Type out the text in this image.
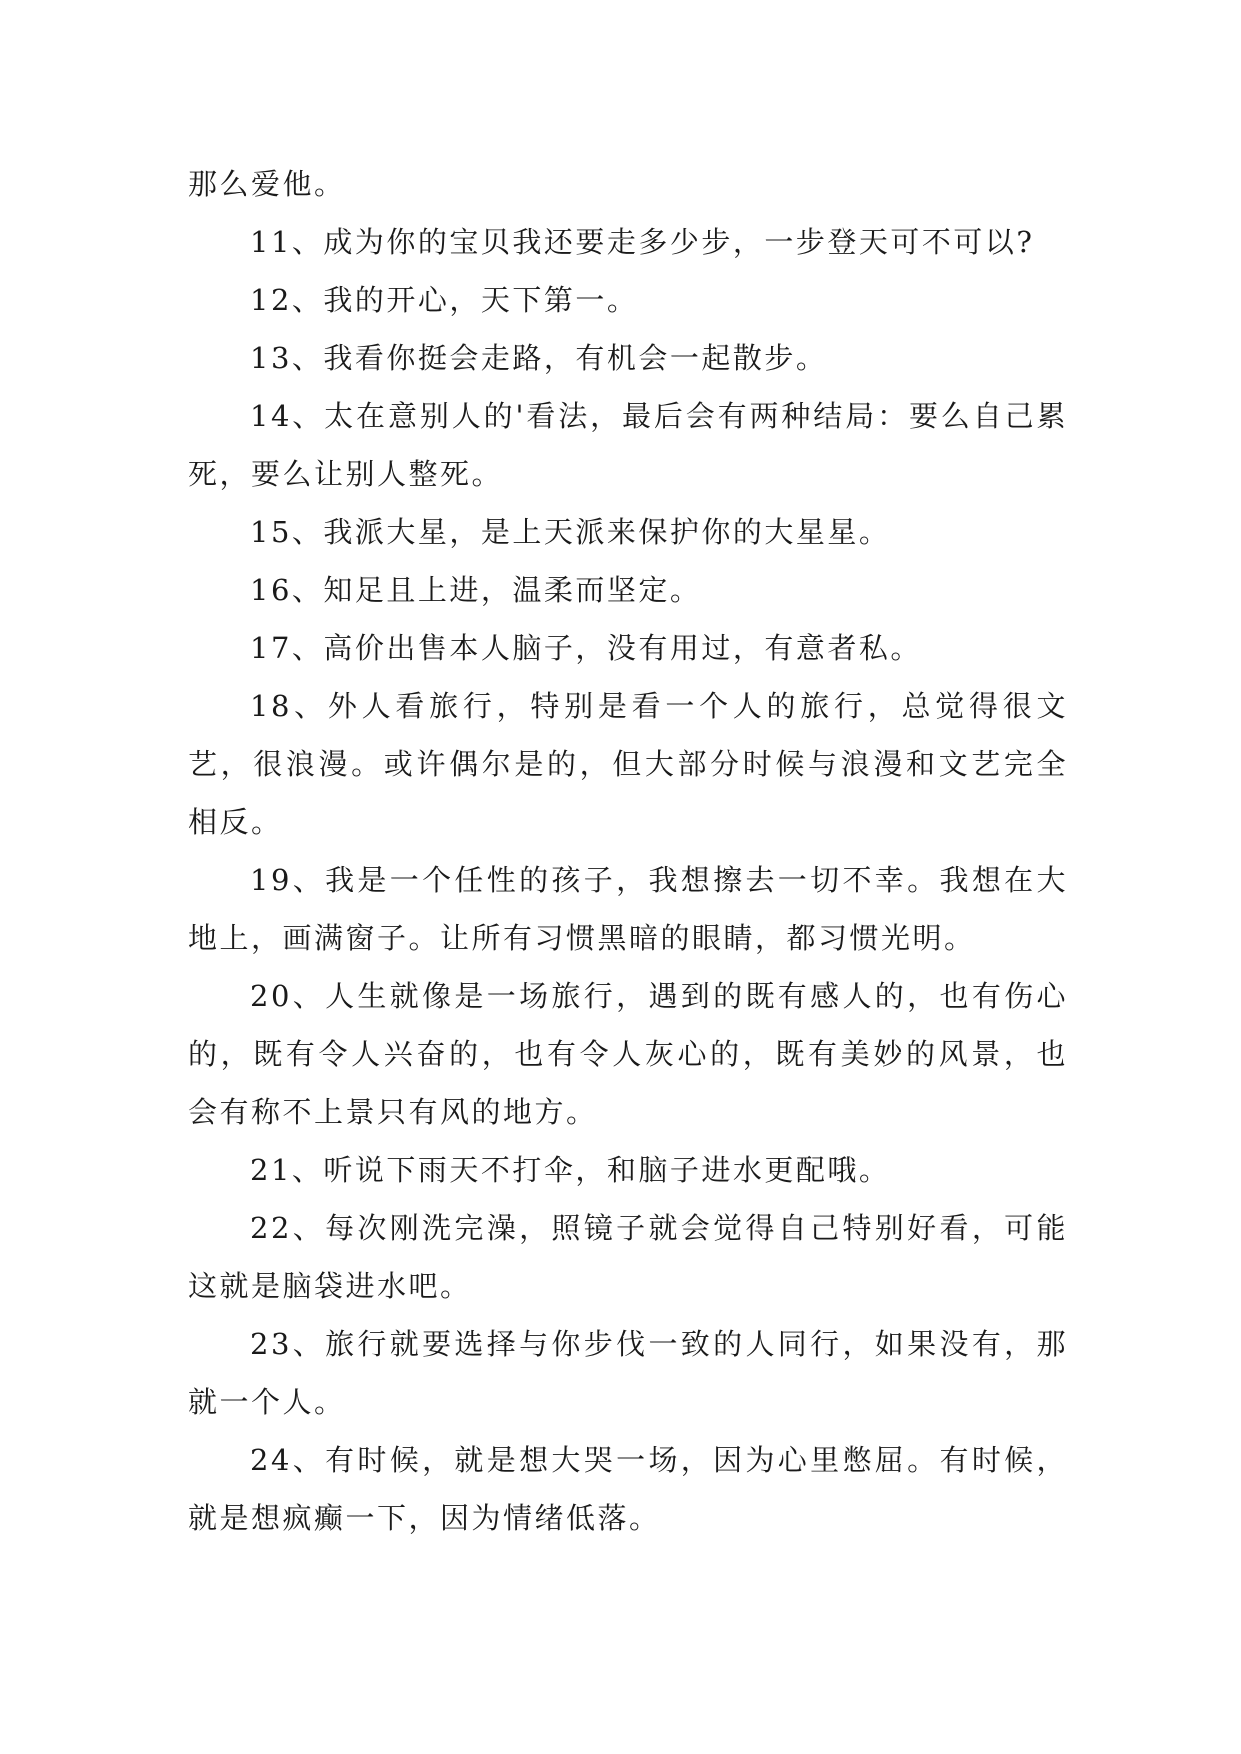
那么爱他。

11、成为你的宝贝我还要走多少步，一步登天可不可以?

12、我的开心，天下第一。

13、我看你挺会走路，有机会一起散步。

14、太在意别人的'看法，最后会有两种结局：要么自己累死，要么让别人整死。

15、我派大星，是上天派来保护你的大星星。

16、知足且上进，温柔而坚定。

17、高价出售本人脑子，没有用过，有意者私。

18、外人看旅行，特别是看一个人的旅行，总觉得很文艺，很浪漫。或许偶尔是的，但大部分时候与浪漫和文艺完全相反。

19、我是一个任性的孩子，我想擦去一切不幸。我想在大地上，画满窗子。让所有习惯黑暗的眼睛，都习惯光明。

20、人生就像是一场旅行，遇到的既有感人的，也有伤心的，既有令人兴奋的，也有令人灰心的，既有美妙的风景，也会有称不上景只有风的地方。

21、听说下雨天不打伞，和脑子进水更配哦。

22、每次刚洗完澡，照镜子就会觉得自己特别好看，可能这就是脑袋进水吧。

23、旅行就要选择与你步伐一致的人同行，如果没有，那就一个人。

24、有时候，就是想大哭一场，因为心里憋屈。有时候，就是想疯癫一下，因为情绪低落。
